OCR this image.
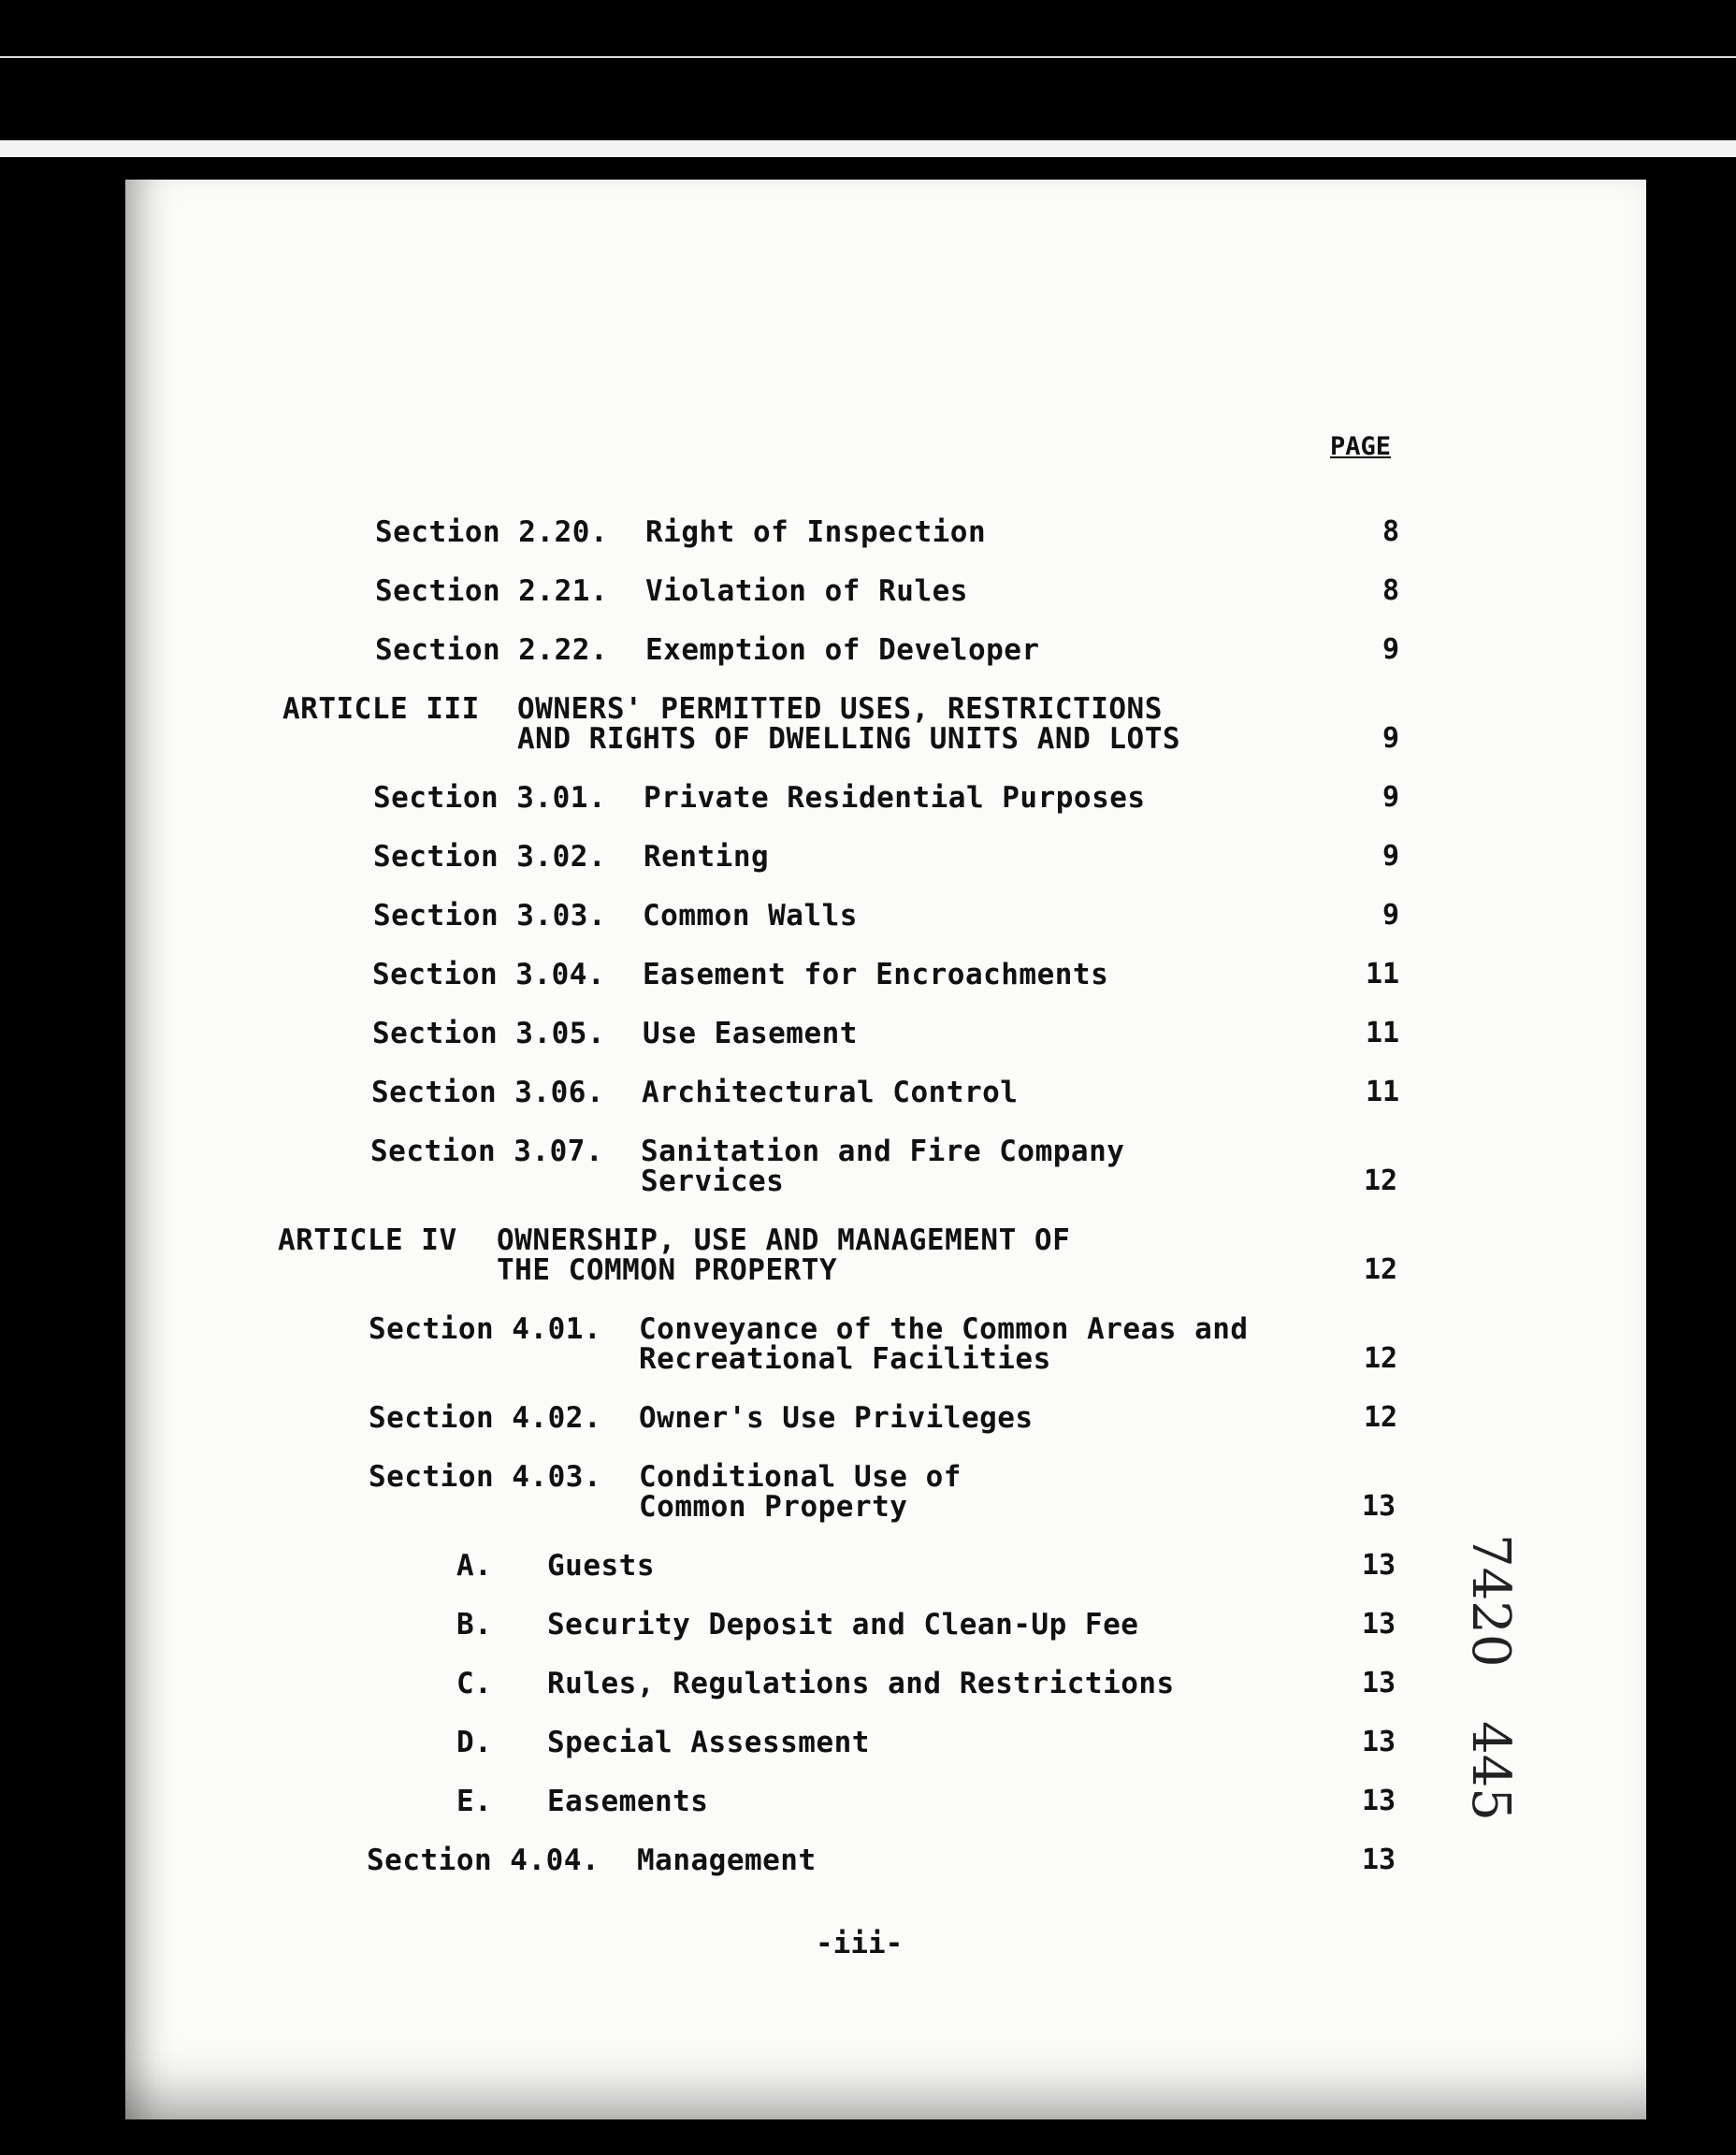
PAGE
Section 2.20. Right of Inspection	8
Section 2.21. Violation of Rules	8
Section 2.22. Exemption of Developer	9
ARTICLE III OWNERS' PERMITTED USES, RESTRICTIONS
AND RIGHTS OF DWELLING UNITS AND LOTS	9
Section 3.01. Private Residential Purposes	9
Section 3.02. Renting	9
Section 3.03. Common Walls	9
Section 3.04. Easement for Encroachments	11
Section 3.05. Use Easement	11
Section 3.06. Architectural Control	11
Section 3.07. Sanitation and Fire Company
Services	12
ARTICLE IV OWNERSHIP, USE AND MANAGEMENT OF
THE COMMON PROPERTY	12
Section 4.01. Conveyance of the Common Areas and
Recreational Facilities	12
Section 4.02. Owner's Use Privileges	12
Section 4.03. Conditional Use of
Common Property	13
A. Guests	13
B. Security Deposit and Clean-Up Fee	13
C. Rules, Regulations and Restrictions	13
D. Special Assessment	13
E. Easements	13
Section 4.04. Management	13
-iii-
7420
445
